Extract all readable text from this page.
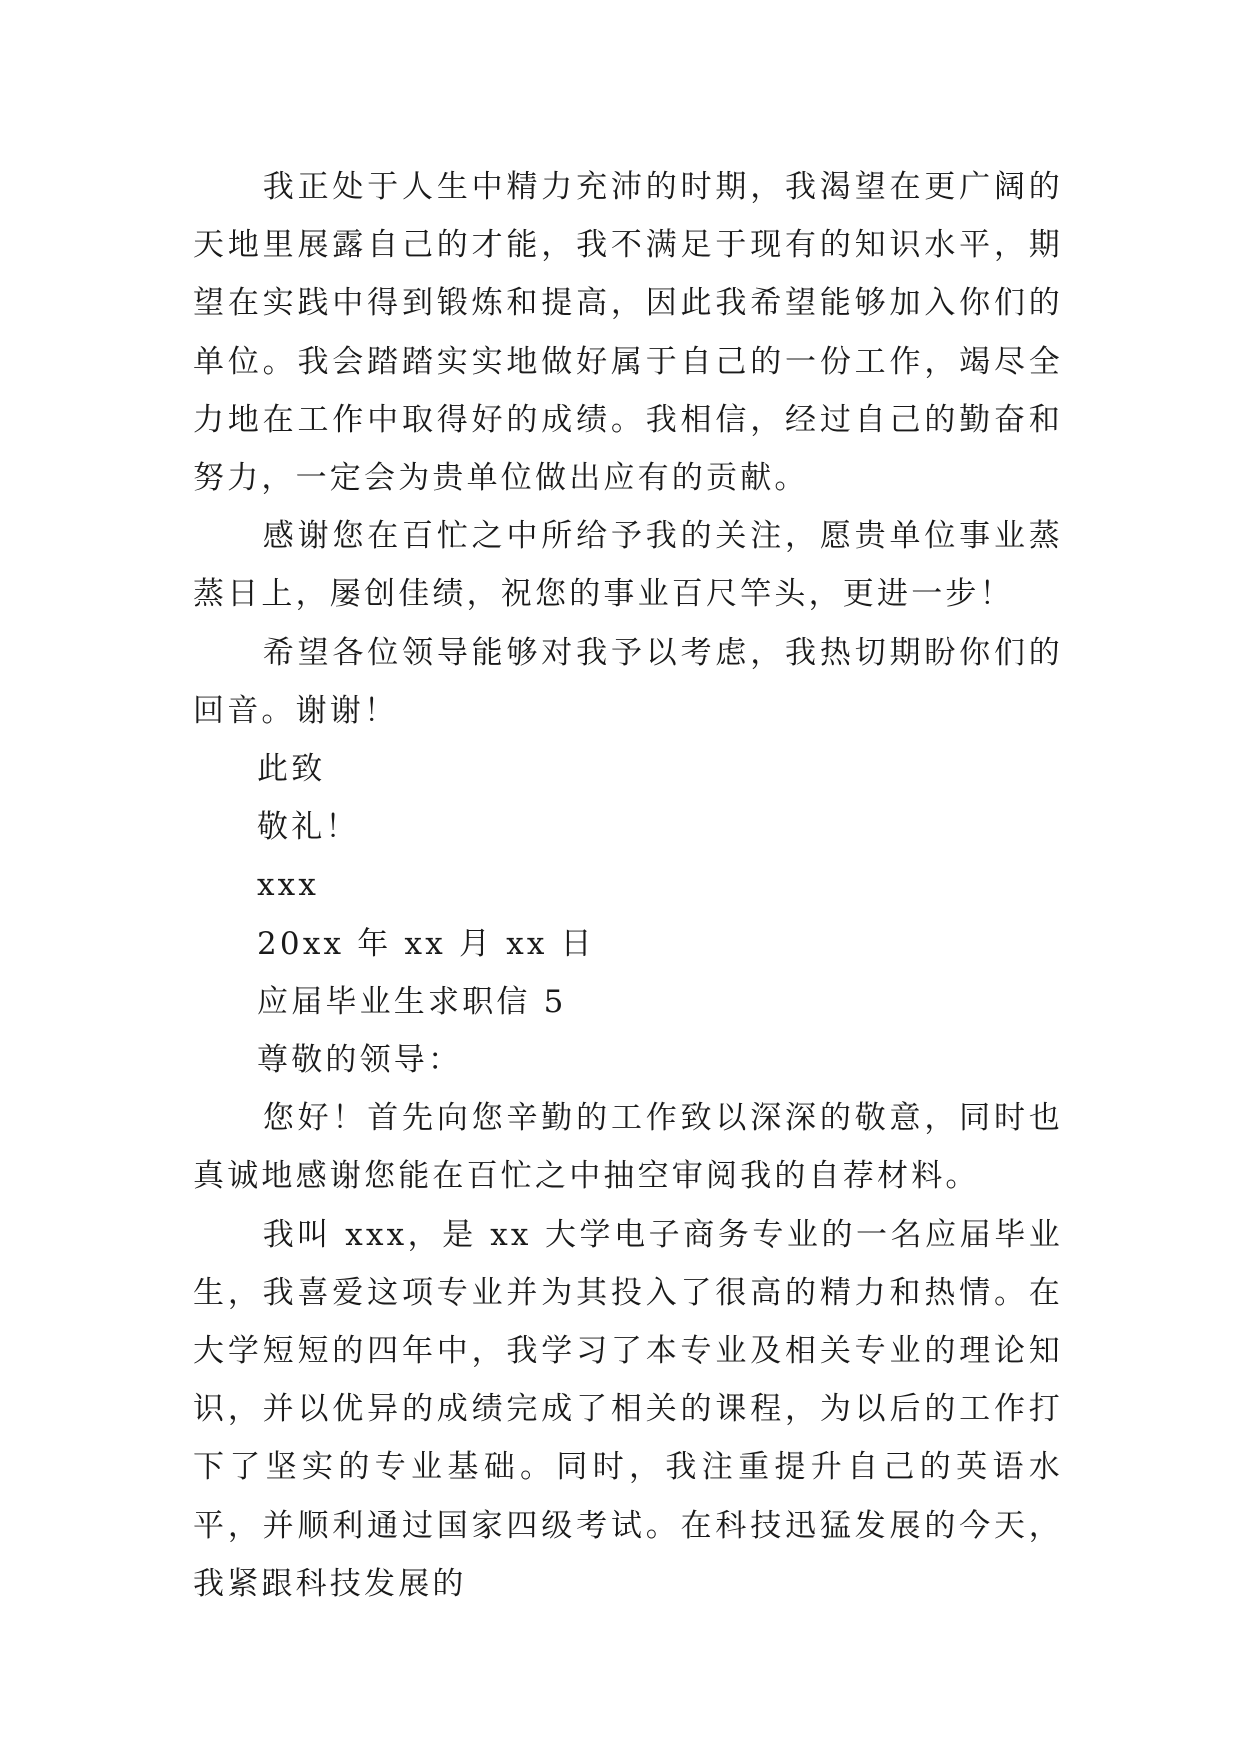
我正处于人生中精力充沛的时期，我渴望在更广阔的天地里展露自己的才能，我不满足于现有的知识水平，期望在实践中得到锻炼和提高，因此我希望能够加入你们的单位。我会踏踏实实地做好属于自己的一份工作，竭尽全力地在工作中取得好的成绩。我相信，经过自己的勤奋和努力，一定会为贵单位做出应有的贡献。

感谢您在百忙之中所给予我的关注，愿贵单位事业蒸蒸日上，屡创佳绩，祝您的事业百尺竿头，更进一步！

希望各位领导能够对我予以考虑，我热切期盼你们的回音。谢谢！

此致

敬礼！

xxx

20xx 年 xx 月 xx 日

应届毕业生求职信 5

尊敬的领导：

您好！首先向您辛勤的工作致以深深的敬意，同时也真诚地感谢您能在百忙之中抽空审阅我的自荐材料。

我叫 xxx，是 xx 大学电子商务专业的一名应届毕业生，我喜爱这项专业并为其投入了很高的精力和热情。在大学短短的四年中，我学习了本专业及相关专业的理论知识，并以优异的成绩完成了相关的课程，为以后的工作打下了坚实的专业基础。同时，我注重提升自己的英语水平，并顺利通过国家四级考试。在科技迅猛发展的今天，我紧跟科技发展的
